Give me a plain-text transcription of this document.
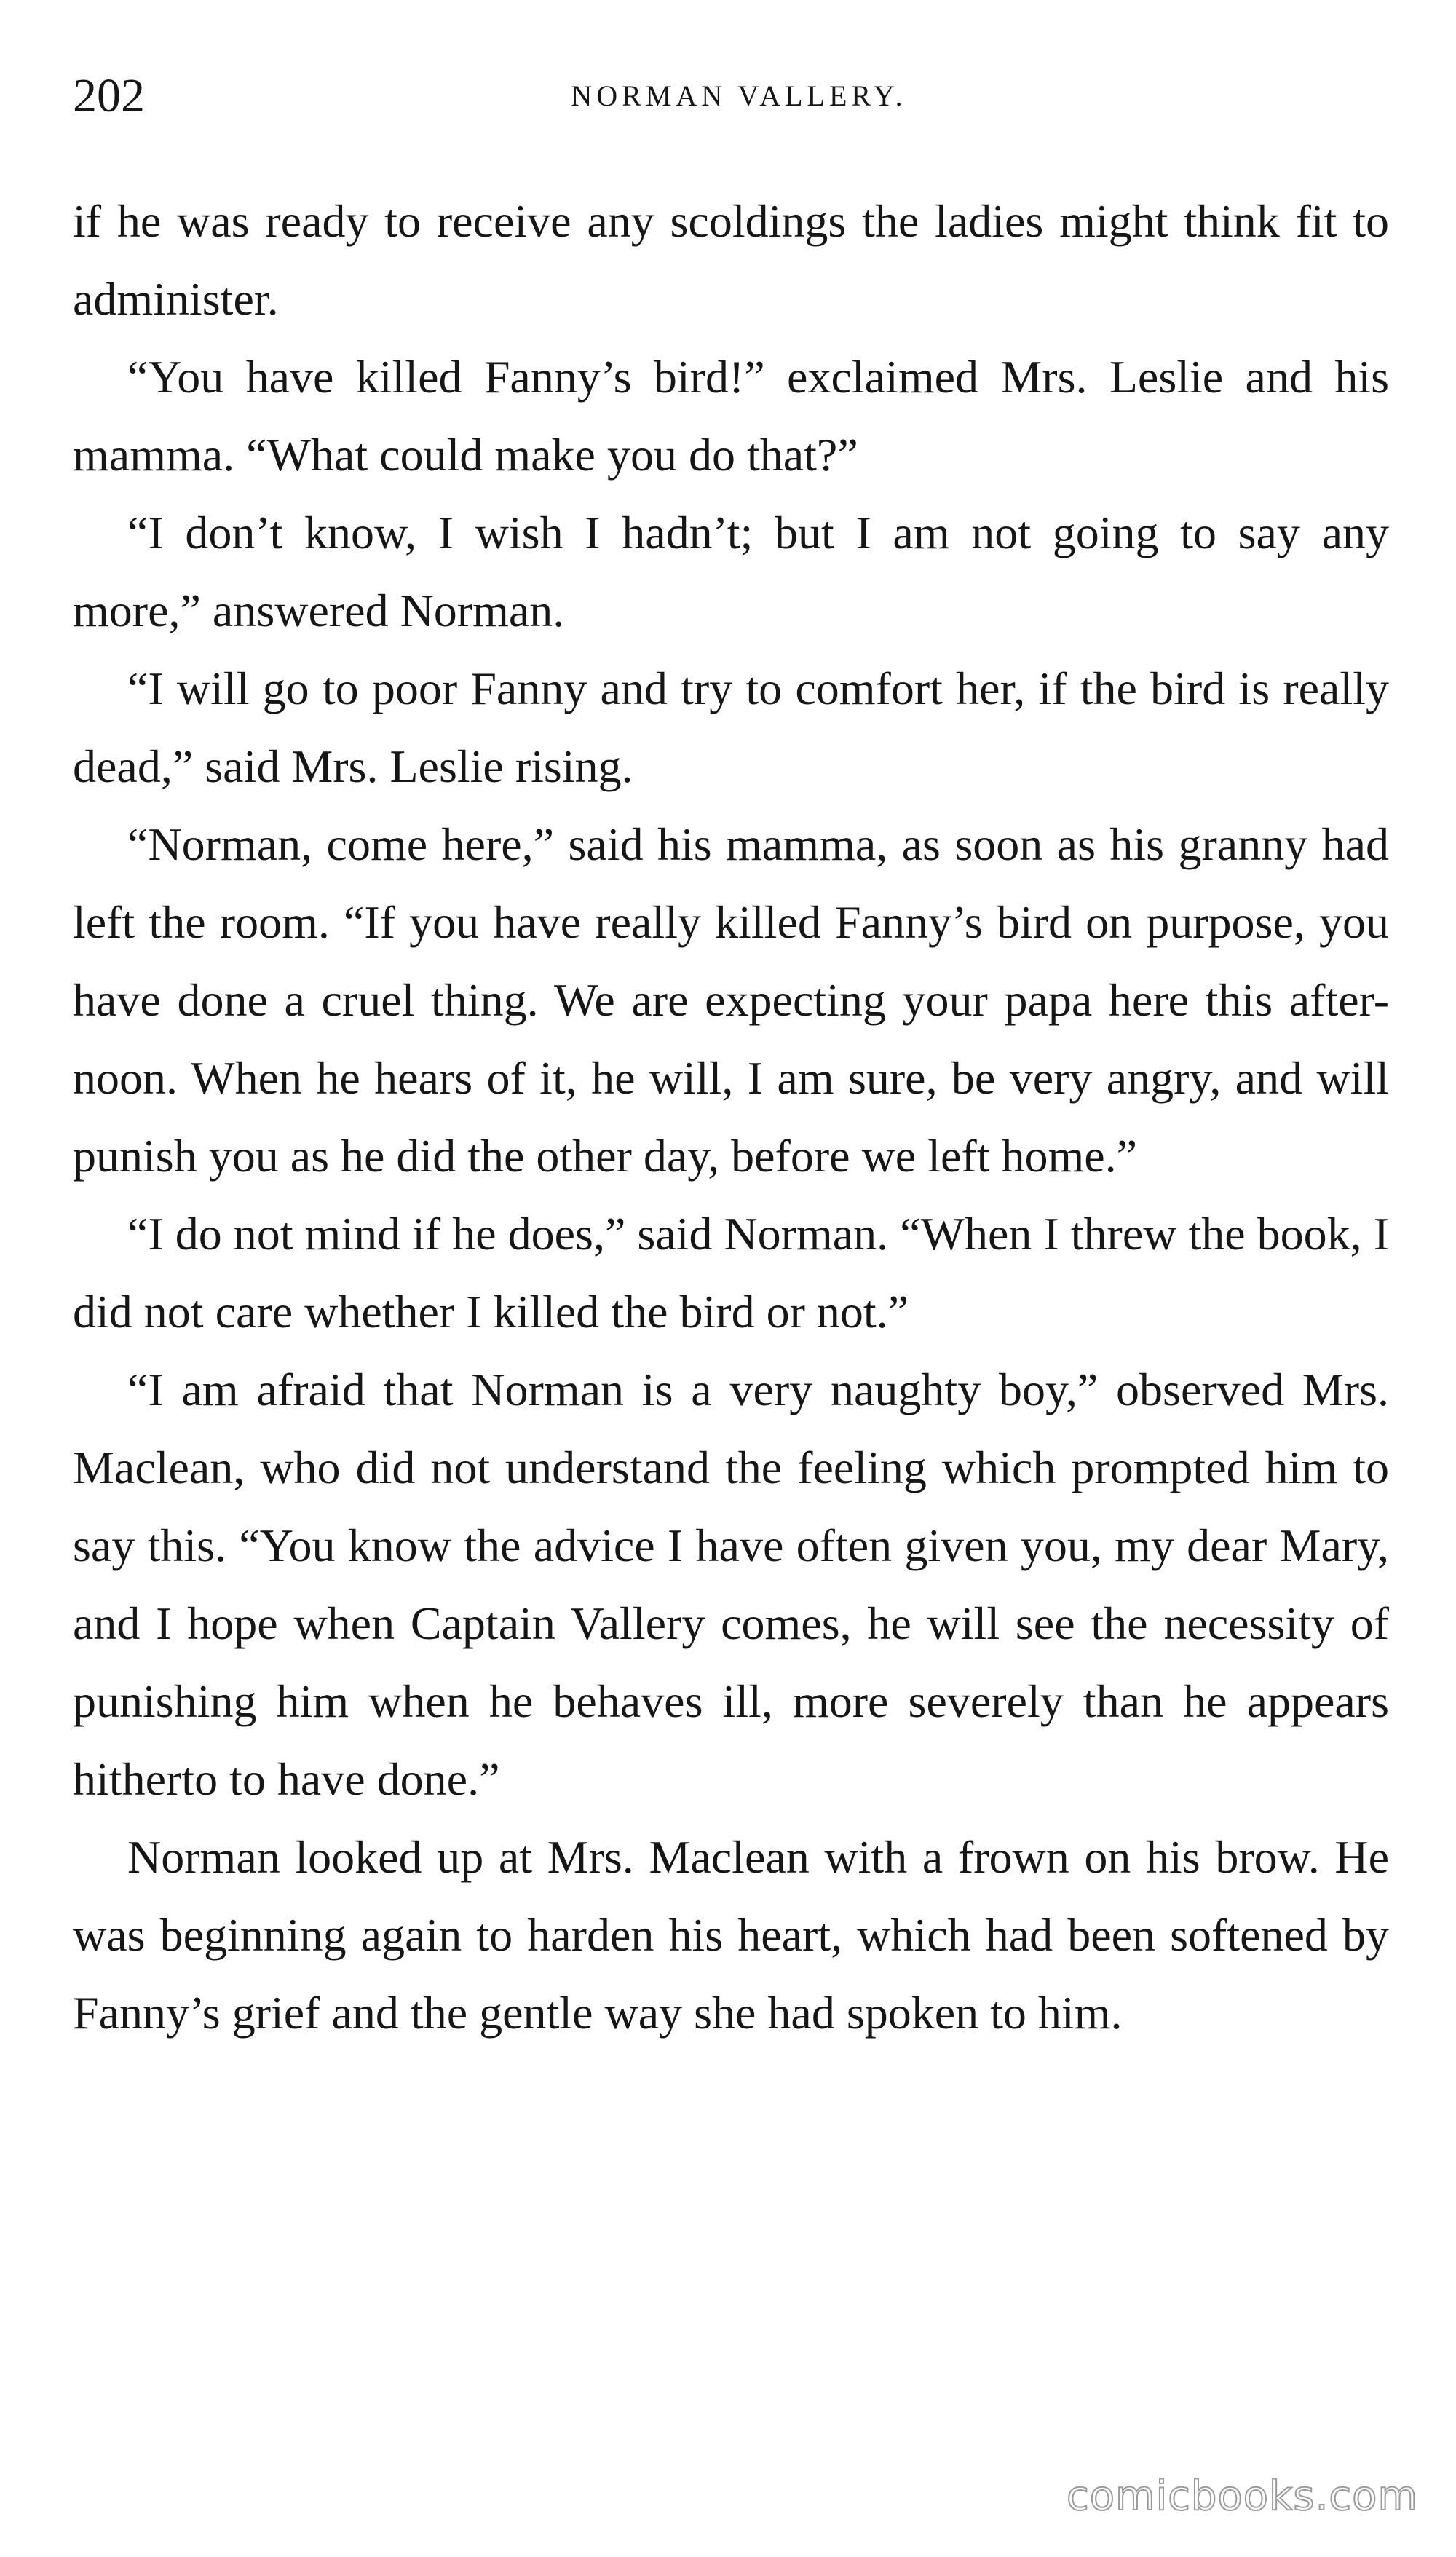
202	NORMAN VALLERY.

if he was ready to receive any scoldings the ladies might think fit to administer.

“You have killed Fanny’s bird!” exclaimed Mrs. Leslie and his mamma. “What could make you do that?”

“I don’t know, I wish I hadn’t; but I am not going to say any more,” answered Norman.

“I will go to poor Fanny and try to comfort her, if the bird is really dead,” said Mrs. Leslie rising.

“Norman, come here,” said his mamma, as soon as his granny had left the room. “If you have really killed Fanny’s bird on purpose, you have done a cruel thing. We are expecting your papa here this after-noon. When he hears of it, he will, I am sure, be very angry, and will punish you as he did the other day, before we left home.”

“I do not mind if he does,” said Norman. “When I threw the book, I did not care whether I killed the bird or not.”

“I am afraid that Norman is a very naughty boy,” observed Mrs. Maclean, who did not understand the feeling which prompted him to say this. “You know the advice I have often given you, my dear Mary, and I hope when Captain Vallery comes, he will see the necessity of punishing him when he behaves ill, more severely than he appears hitherto to have done.”

Norman looked up at Mrs. Maclean with a frown on his brow. He was beginning again to harden his heart, which had been softened by Fanny’s grief and the gentle way she had spoken to him.

comicbooks.com
